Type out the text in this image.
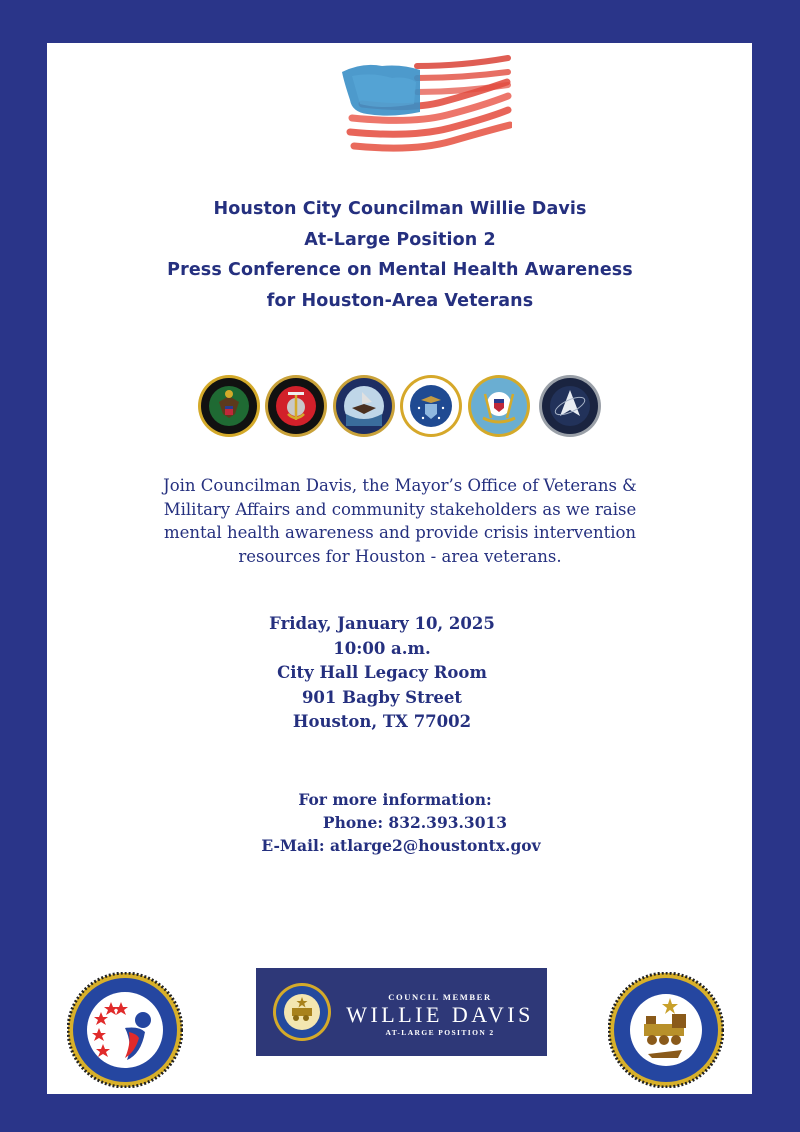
Houston City Councilman Willie Davis
At-Large Position 2
Press Conference on Mental Health Awareness
for Houston-Area Veterans
Join Councilman Davis, the Mayor’s Office of Veterans &
Military Affairs and community stakeholders as we raise
mental health awareness and provide crisis intervention
resources for Houston - area veterans.
Friday, January 10, 2025
10:00 a.m.
City Hall Legacy Room
901 Bagby Street
Houston, TX 77002
For more information:
Phone: 832.393.3013
E-Mail: atlarge2@houstontx.gov
COUNCIL MEMBER
WILLIE DAVIS
AT-LARGE POSITION 2
